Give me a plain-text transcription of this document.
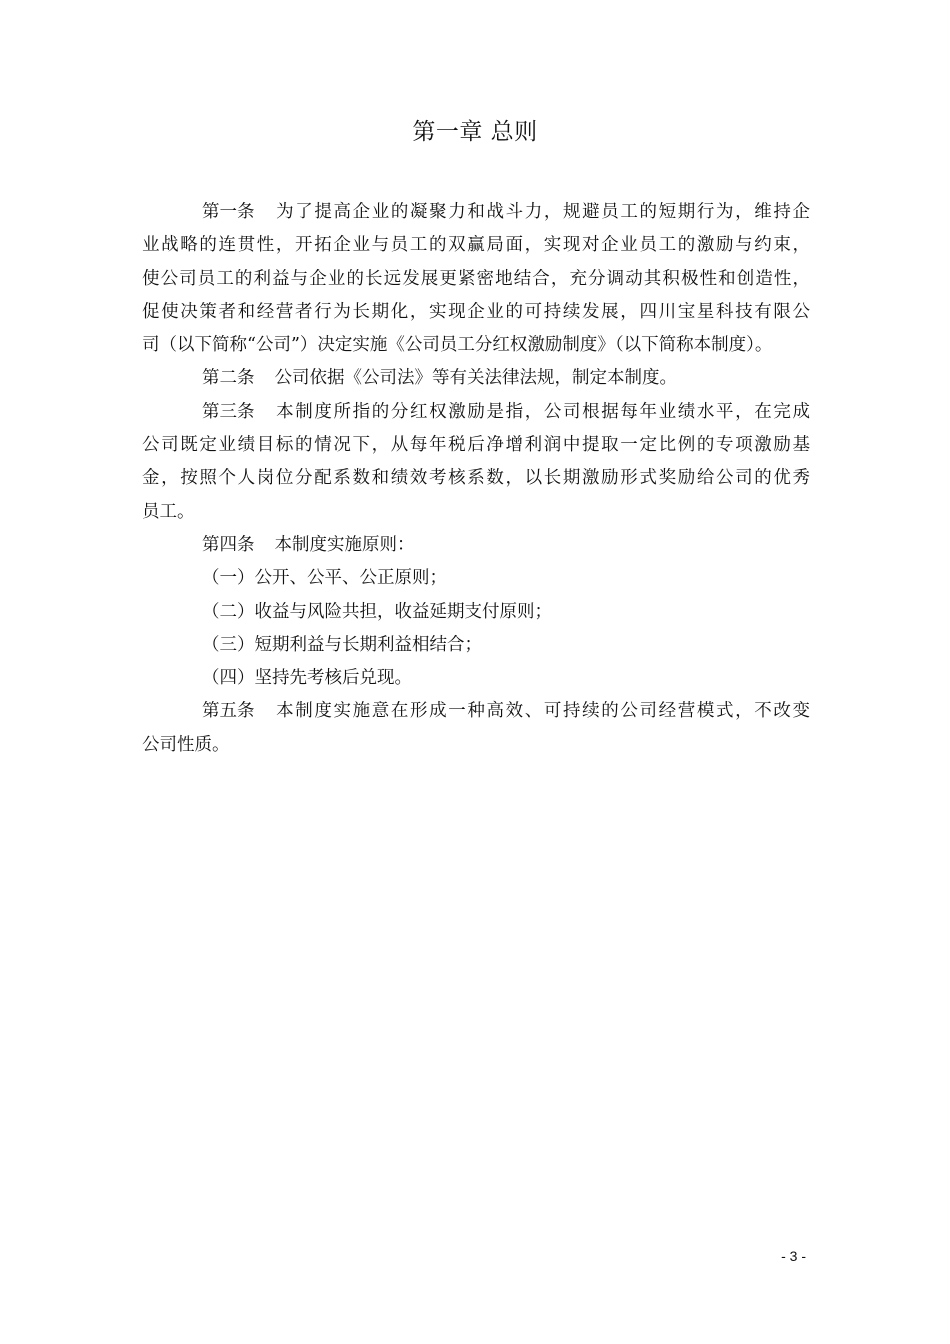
第一章 总则
第一条 为了提高企业的凝聚力和战斗力，规避员工的短期行为，维持企
业战略的连贯性，开拓企业与员工的双赢局面，实现对企业员工的激励与约束，
使公司员工的利益与企业的长远发展更紧密地结合，充分调动其积极性和创造性，
促使决策者和经营者行为长期化，实现企业的可持续发展，四川宝星科技有限公
司（以下简称“公司”）决定实施《公司员工分红权激励制度》（以下简称本制度）。
第二条 公司依据《公司法》等有关法律法规，制定本制度。
第三条 本制度所指的分红权激励是指，公司根据每年业绩水平，在完成
公司既定业绩目标的情况下，从每年税后净增利润中提取一定比例的专项激励基
金，按照个人岗位分配系数和绩效考核系数，以长期激励形式奖励给公司的优秀
员工。
第四条 本制度实施原则：
（一）公开、公平、公正原则；
（二）收益与风险共担，收益延期支付原则；
（三）短期利益与长期利益相结合；
（四）坚持先考核后兑现。
第五条 本制度实施意在形成一种高效、可持续的公司经营模式，不改变
公司性质。
- 3 -
